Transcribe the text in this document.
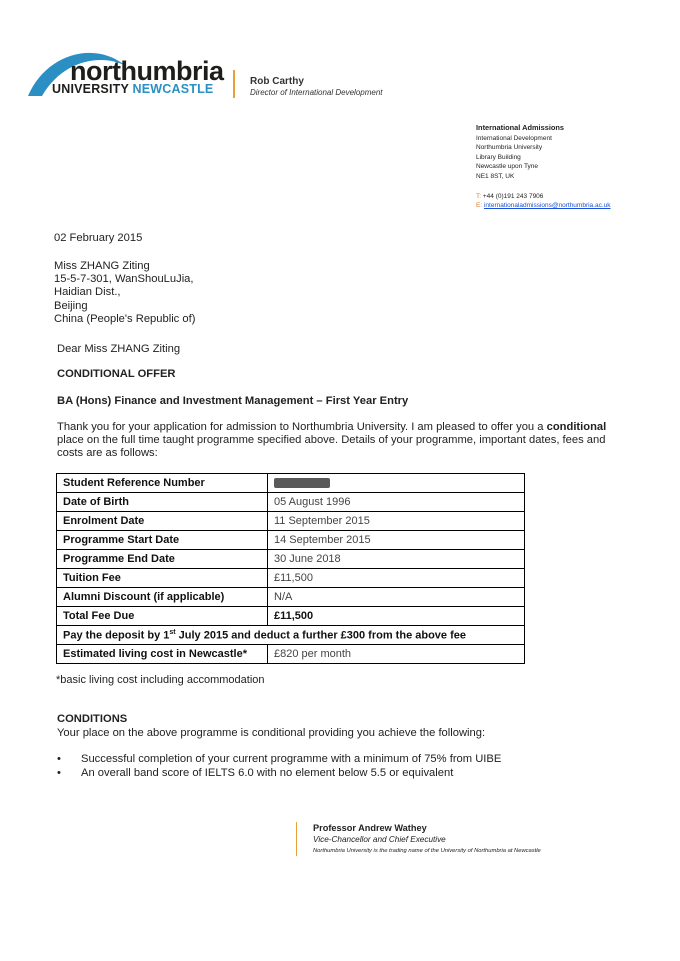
northumbria
UNIVERSITY NEWCASTLE
Rob Carthy
Director of International Development
International Admissions
International Development
Northumbria University
Library Building
Newcastle upon Tyne
NE1 8ST, UK
T: +44 (0)191 243 7906
E: internationaladmissions@northumbria.ac.uk
02 February 2015
Miss ZHANG Ziting
15-5-7-301, WanShouLuJia,
Haidian Dist.,
Beijing
China (People's Republic of)
Dear Miss ZHANG Ziting
CONDITIONAL OFFER
BA (Hons) Finance and Investment Management – First Year Entry
Thank you for your application for admission to Northumbria University. I am pleased to offer you a conditional place on the full time taught programme specified above. Details of your programme, important dates, fees and costs are as follows:
Student Reference Number	
Date of Birth	05 August 1996
Enrolment Date	11 September 2015
Programme Start Date	14 September 2015
Programme End Date	30 June 2018
Tuition Fee	£11,500
Alumni Discount (if applicable)	N/A
Total Fee Due	£11,500
Pay the deposit by 1st July 2015 and deduct a further £300 from the above fee	
Estimated living cost in Newcastle*	£820 per month
*basic living cost including accommodation
CONDITIONS
Your place on the above programme is conditional providing you achieve the following:
• Successful completion of your current programme with a minimum of 75% from UIBE
• An overall band score of IELTS 6.0 with no element below 5.5 or equivalent
Professor Andrew Wathey
Vice-Chancellor and Chief Executive
Northumbria University is the trading name of the University of Northumbria at Newcastle
